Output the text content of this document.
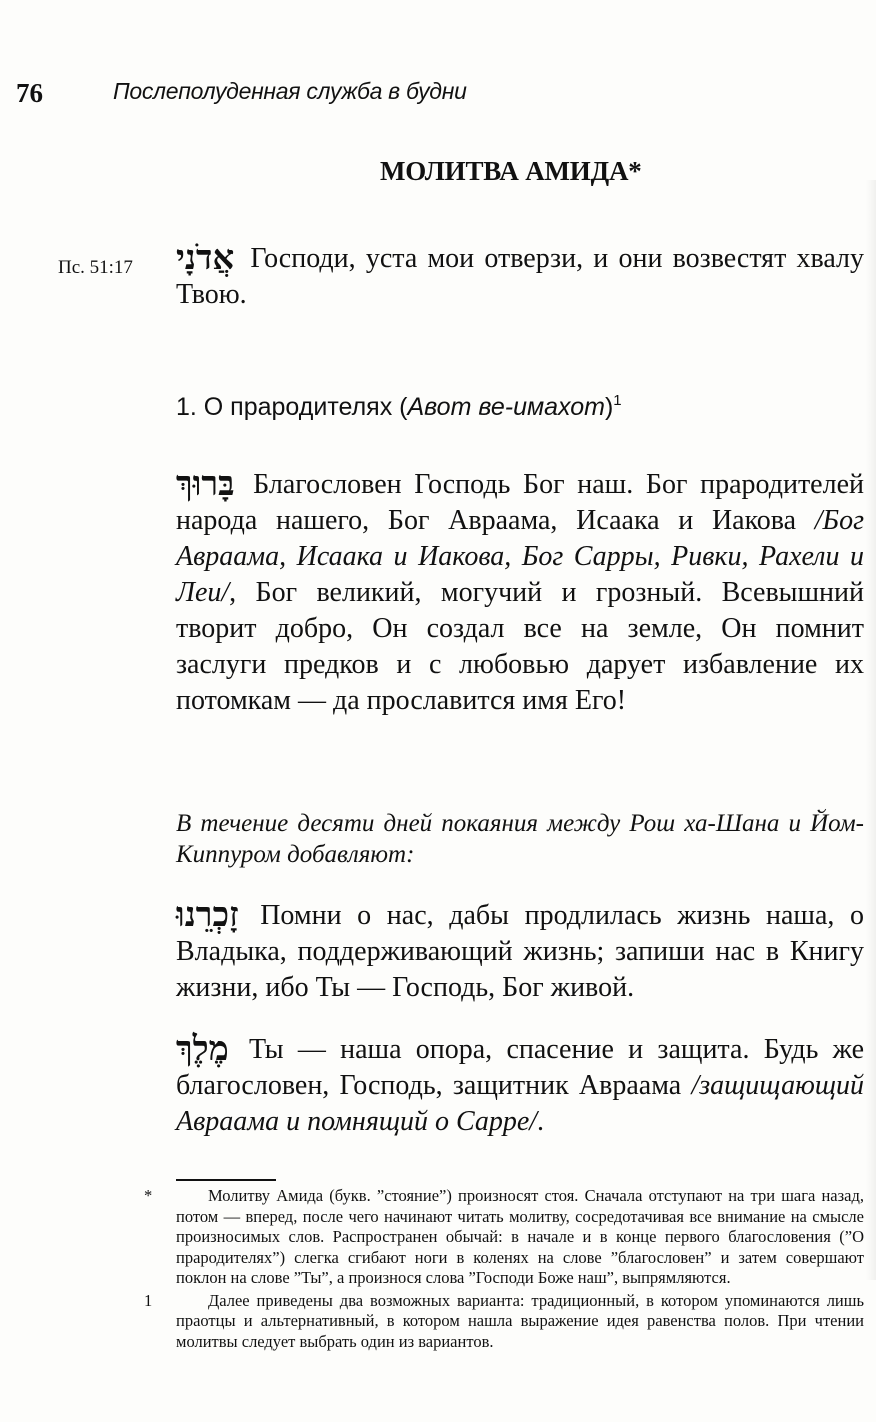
76	Послеполуденная служба в будни
МОЛИТВА АМИДА*
Пс. 51:17 אֲדֹנָי Господи, уста мои отверзи, и они возвестят хвалу Твою.
1. О прародителях (Авот ве-имахот)$^1$
בָּרוּךְ Благословен Господь Бог наш. Бог прародителей народа нашего, Бог Авраама, Исаака и Иакова /Бог Авраама, Исаака и Иакова, Бог Сарры, Ривки, Рахели и Леи/, Бог великий, могучий и грозный. Всевышний творит добро, Он создал все на земле, Он помнит заслуги предков и с любовью дарует избавление их потомкам — да прославится имя Его!
В течение десяти дней покаяния между Рош ха-Шана и Йом-Киппуром добавляют:
זָכְרֵנוּ Помни о нас, дабы продлилась жизнь наша, о Владыка, поддерживающий жизнь; запиши нас в Книгу жизни, ибо Ты — Господь, Бог живой.
מֶלֶךְ Ты — наша опора, спасение и защита. Будь же благословен, Господь, защитник Авраама /защищающий Авраама и помнящий о Сарре/.

*	Молитву Амида (букв. ”стояние”) произносят стоя. Сначала отступают на три шага назад, потом — вперед, после чего начинают читать молитву, сосредотачивая все внимание на смысле произносимых слов. Распространен обычай: в начале и в конце первого благословения (”О прародителях”) слегка сгибают ноги в коленях на слове ”благословен” и затем совершают поклон на слове ”Ты”, а произнося слова ”Господи Боже наш”, выпрямляются.

1	Далее приведены два возможных варианта: традиционный, в котором упоминаются лишь праотцы и альтернативный, в котором нашла выражение идея равенства полов. При чтении молитвы следует выбрать один из вариантов.
